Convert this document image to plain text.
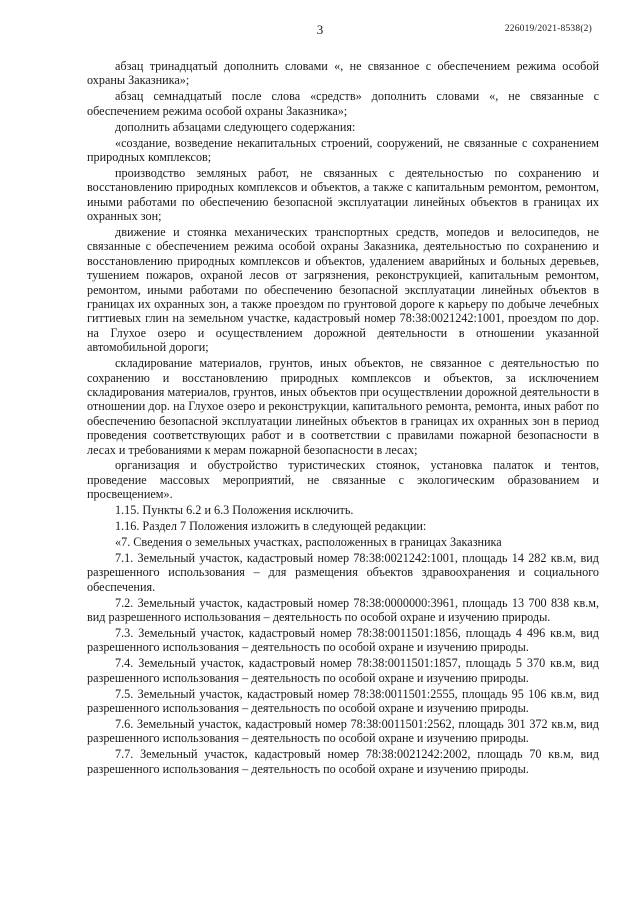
3	226019/2021-8538(2)

абзац тринадцатый дополнить словами «, не связанное с обеспечением режима особой охраны Заказника»;

абзац семнадцатый после слова «средств» дополнить словами «, не связанные с обеспечением режима особой охраны Заказника»;

дополнить абзацами следующего содержания:

«создание, возведение некапитальных строений, сооружений, не связанные с сохранением природных комплексов;

производство земляных работ, не связанных с деятельностью по сохранению и восстановлению природных комплексов и объектов, а также с капитальным ремонтом, ремонтом, иными работами по обеспечению безопасной эксплуатации линейных объектов в границах их охранных зон;

движение и стоянка механических транспортных средств, мопедов и велосипедов, не связанные с обеспечением режима особой охраны Заказника, деятельностью по сохранению и восстановлению природных комплексов и объектов, удалением аварийных и больных деревьев, тушением пожаров, охраной лесов от загрязнения, реконструкцией, капитальным ремонтом, ремонтом, иными работами по обеспечению безопасной эксплуатации линейных объектов в границах их охранных зон, а также проездом по грунтовой дороге к карьеру по добыче лечебных гиттиевых глин на земельном участке, кадастровый номер 78:38:0021242:1001, проездом по дор. на Глухое озеро и осуществлением дорожной деятельности в отношении указанной автомобильной дороги;

складирование материалов, грунтов, иных объектов, не связанное с деятельностью по сохранению и восстановлению природных комплексов и объектов, за исключением складирования материалов, грунтов, иных объектов при осуществлении дорожной деятельности в отношении дор. на Глухое озеро и реконструкции, капитального ремонта, ремонта, иных работ по обеспечению безопасной эксплуатации линейных объектов в границах их охранных зон в период проведения соответствующих работ и в соответствии с правилами пожарной безопасности в лесах и требованиями к мерам пожарной безопасности в лесах;

организация и обустройство туристических стоянок, установка палаток и тентов, проведение массовых мероприятий, не связанные с экологическим образованием и просвещением».

1.15. Пункты 6.2 и 6.3 Положения исключить.

1.16. Раздел 7 Положения изложить в следующей редакции:

«7. Сведения о земельных участках, расположенных в границах Заказника

7.1. Земельный участок, кадастровый номер 78:38:0021242:1001, площадь 14 282 кв.м, вид разрешенного использования – для размещения объектов здравоохранения и социального обеспечения.

7.2. Земельный участок, кадастровый номер 78:38:0000000:3961, площадь 13 700 838 кв.м, вид разрешенного использования – деятельность по особой охране и изучению природы.

7.3. Земельный участок, кадастровый номер 78:38:0011501:1856, площадь 4 496 кв.м, вид разрешенного использования – деятельность по особой охране и изучению природы.

7.4. Земельный участок, кадастровый номер 78:38:0011501:1857, площадь 5 370 кв.м, вид разрешенного использования – деятельность по особой охране и изучению природы.

7.5. Земельный участок, кадастровый номер 78:38:0011501:2555, площадь 95 106 кв.м, вид разрешенного использования – деятельность по особой охране и изучению природы.

7.6. Земельный участок, кадастровый номер 78:38:0011501:2562, площадь 301 372 кв.м, вид разрешенного использования – деятельность по особой охране и изучению природы.

7.7. Земельный участок, кадастровый номер 78:38:0021242:2002, площадь 70 кв.м, вид разрешенного использования – деятельность по особой охране и изучению природы.
